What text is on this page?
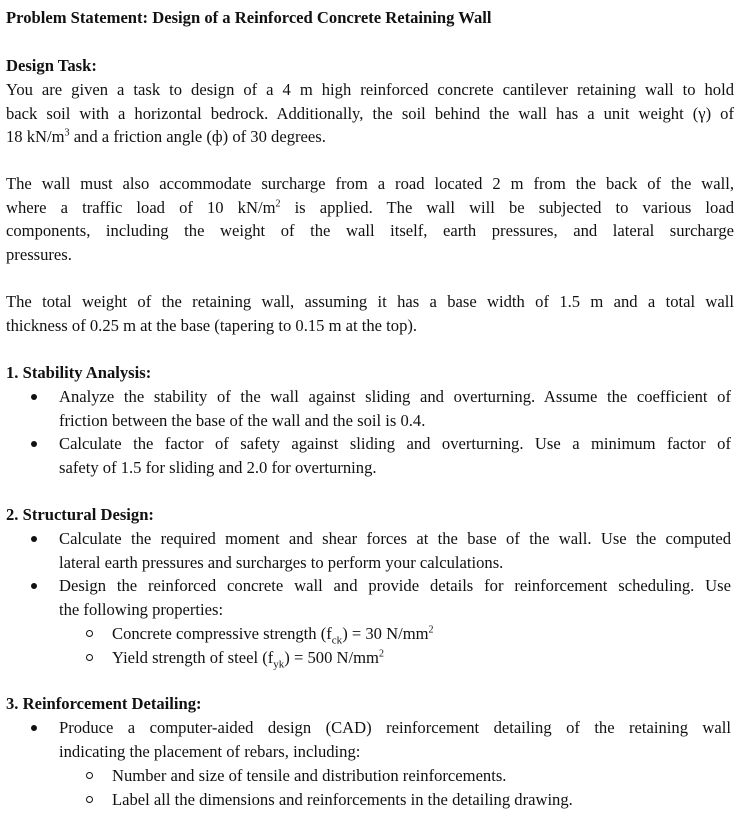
Problem Statement: Design of a Reinforced Concrete Retaining Wall
Design Task:
You are given a task to design of a 4 m high reinforced concrete cantilever retaining wall to hold
back soil with a horizontal bedrock. Additionally, the soil behind the wall has a unit weight (γ) of
18 $kN/m^3$ and a friction angle (ф) of 30 degrees.
The wall must also accommodate surcharge from a road located 2 m from the back of the wall,
where a traffic load of 10 $kN/m^2$ is applied. The wall will be subjected to various load
components, including the weight of the wall itself, earth pressures, and lateral surcharge
pressures.
The total weight of the retaining wall, assuming it has a base width of 1.5 m and a total wall
thickness of 0.25 m at the base (tapering to 0.15 m at the top).
1. Stability Analysis:
Analyze the stability of the wall against sliding and overturning. Assume the coefficient of
friction between the base of the wall and the soil is 0.4.
Calculate the factor of safety against sliding and overturning. Use a minimum factor of
safety of 1.5 for sliding and 2.0 for overturning.
2. Structural Design:
Calculate the required moment and shear forces at the base of the wall. Use the computed
lateral earth pressures and surcharges to perform your calculations.
Design the reinforced concrete wall and provide details for reinforcement scheduling. Use
the following properties:
Concrete compressive strength $(f_{ck}) = 30$ $N/mm^2$
Yield strength of steel $(f_{yk}) = 500$ $N/mm^2$
3. Reinforcement Detailing:
Produce a computer-aided design (CAD) reinforcement detailing of the retaining wall
indicating the placement of rebars, including:
Number and size of tensile and distribution reinforcements.
Label all the dimensions and reinforcements in the detailing drawing.
